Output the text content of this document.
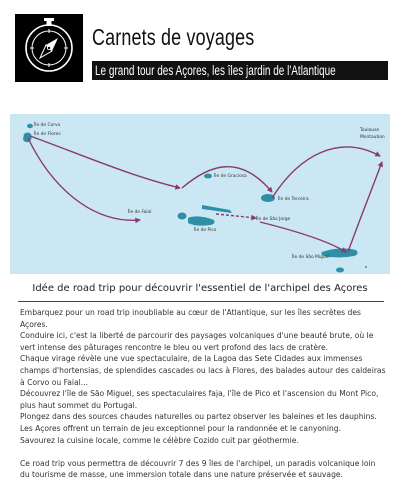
Carnets de voyages
Le grand tour des Açores, les îles jardin de l'Atlantique
Île de Flores
Île de Corvo
Île de Graciosa
Île de Terceira
Île de São Jorge
Île de Faial
Île de Pico
Île de São Miguel
Toulouse
Montauban
Idée de road trip pour découvrir l'essentiel de l'archipel des Açores

Embarquez pour un road trip inoubliable au cœur de l'Atlantique, sur les îles secrètes des Açores.

Conduire ici, c'est la liberté de parcourir des paysages volcaniques d'une beauté brute, où le vert intense des pâturages rencontre le bleu ou vert profond des lacs de cratère.

Chaque virage révèle une vue spectaculaire, de la Lagoa das Sete Cidades aux immenses champs d'hortensias, de splendides cascades ou lacs à Flores, des balades autour des caldeiras à Corvo ou Faial...

Découvrez l'île de São Miguel, ses spectaculaires faja, l'île de Pico et l'ascension du Mont Pico, plus haut sommet du Portugal.

Plongez dans des sources chaudes naturelles ou partez observer les baleines et les dauphins.

Les Açores offrent un terrain de jeu exceptionnel pour la randonnée et le canyoning.

Savourez la cuisine locale, comme le célèbre Cozido cuit par géothermie.

Ce road trip vous permettra de découvrir 7 des 9 îles de l'archipel, un paradis volcanique loin du tourisme de masse, une immersion totale dans une nature préservée et sauvage.
